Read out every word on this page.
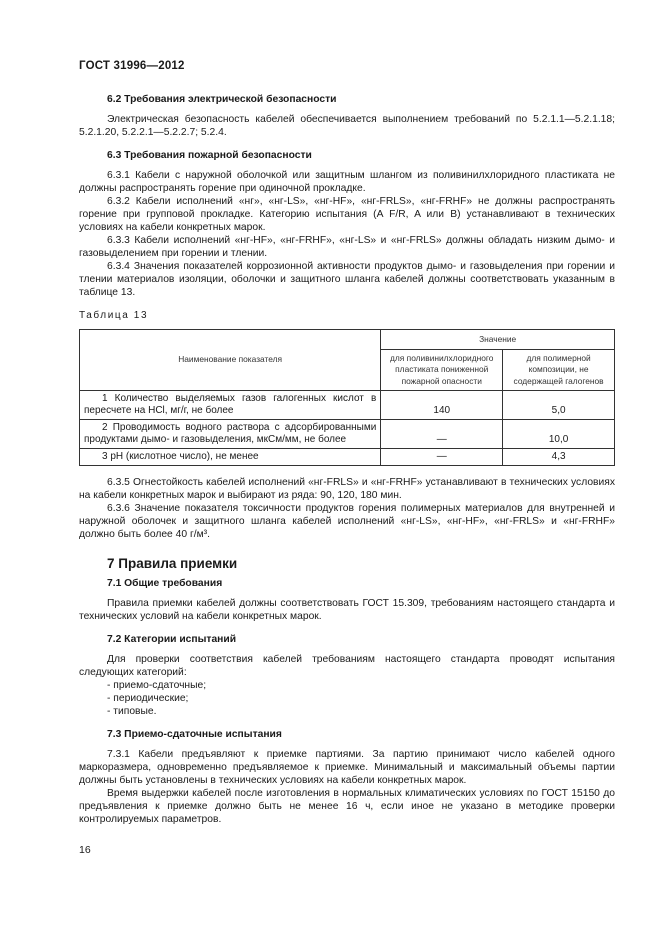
ГОСТ 31996—2012

6.2 Требования электрической безопасности

Электрическая безопасность кабелей обеспечивается выполнением требований по 5.2.1.1—5.2.1.18; 5.2.1.20, 5.2.2.1—5.2.2.7; 5.2.4.

6.3 Требования пожарной безопасности

6.3.1 Кабели с наружной оболочкой или защитным шлангом из поливинилхлоридного пластиката не должны распространять горение при одиночной прокладке.

6.3.2 Кабели исполнений «нг», «нг-LS», «нг-HF», «нг-FRLS», «нг-FRHF» не должны распространять горение при групповой прокладке. Категорию испытания (A F/R, A или B) устанавливают в технических условиях на кабели конкретных марок.

6.3.3 Кабели исполнений «нг-HF», «нг-FRHF», «нг-LS» и «нг-FRLS» должны обладать низким дымо- и газовыделением при горении и тлении.

6.3.4 Значения показателей коррозионной активности продуктов дымо- и газовыделения при горении и тлении материалов изоляции, оболочки и защитного шланга кабелей должны соответствовать указанным в таблице 13.

Таблица 13

Наименование показателя	Значение	
	для поливинилхлоридного пластиката пониженной пожарной опасности	для полимерной композиции, не содержащей галогенов
1 Количество выделяемых газов галогенных кислот в пересчете на HCl, мг/г, не более	140	5,0
2 Проводимость водного раствора с адсорбированными продуктами дымо- и газовыделения, мкСм/мм, не более	—	10,0
3 pH (кислотное число), не менее	—	4,3

6.3.5 Огнестойкость кабелей исполнений «нг-FRLS» и «нг-FRHF» устанавливают в технических условиях на кабели конкретных марок и выбирают из ряда: 90, 120, 180 мин.

6.3.6 Значение показателя токсичности продуктов горения полимерных материалов для внутренней и наружной оболочек и защитного шланга кабелей исполнений «нг-LS», «нг-HF», «нг-FRLS» и «нг-FRHF» должно быть более 40 г/м³.

7 Правила приемки

7.1 Общие требования

Правила приемки кабелей должны соответствовать ГОСТ 15.309, требованиям настоящего стандарта и технических условий на кабели конкретных марок.

7.2 Категории испытаний

Для проверки соответствия кабелей требованиям настоящего стандарта проводят испытания следующих категорий:

- приемо-сдаточные;

- периодические;

- типовые.

7.3 Приемо-сдаточные испытания

7.3.1 Кабели предъявляют к приемке партиями. За партию принимают число кабелей одного маркоразмера, одновременно предъявляемое к приемке. Минимальный и максимальный объемы партии должны быть установлены в технических условиях на кабели конкретных марок.

Время выдержки кабелей после изготовления в нормальных климатических условиях по ГОСТ 15150 до предъявления к приемке должно быть не менее 16 ч, если иное не указано в методике проверки контролируемых параметров.

16
